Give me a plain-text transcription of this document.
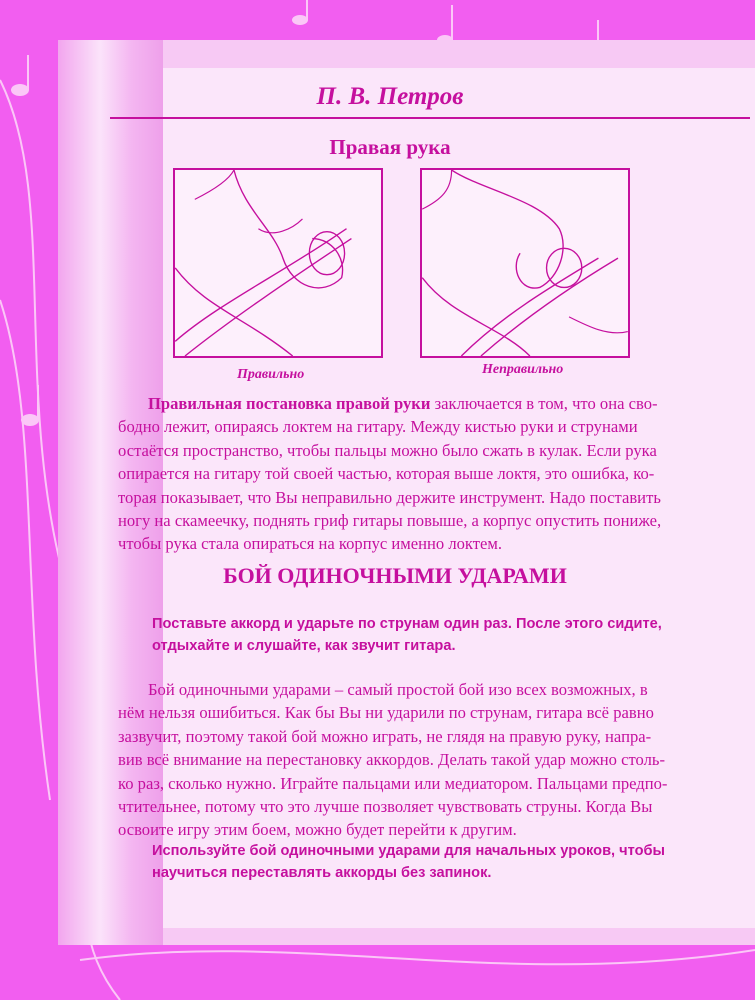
П. В. Петров
Правая рука
Правильно	Неправильно
Правильная постановка правой руки заключается в том, что она сво-
бодно лежит, опираясь локтем на гитару. Между кистью руки и струнами
остаётся пространство, чтобы пальцы можно было сжать в кулак. Если рука
опирается на гитару той своей частью, которая выше локтя, это ошибка, ко-
торая показывает, что Вы неправильно держите инструмент. Надо поставить
ногу на скамеечку, поднять гриф гитары повыше, а корпус опустить пониже,
чтобы рука стала опираться на корпус именно локтем.
БОЙ ОДИНОЧНЫМИ УДАРАМИ
Поставьте аккорд и ударьте по струнам один раз. После этого сидите,
отдыхайте и слушайте, как звучит гитара.
Бой одиночными ударами – самый простой бой изо всех возможных, в
нём нельзя ошибиться. Как бы Вы ни ударили по струнам, гитара всё равно
зазвучит, поэтому такой бой можно играть, не глядя на правую руку, напра-
вив всё внимание на перестановку аккордов. Делать такой удар можно столь-
ко раз, сколько нужно. Играйте пальцами или медиатором. Пальцами предпо-
чтительнее, потому что это лучше позволяет чувствовать струны. Когда Вы
освоите игру этим боем, можно будет перейти к другим.
Используйте бой одиночными ударами для начальных уроков, чтобы
научиться переставлять аккорды без запинок.
